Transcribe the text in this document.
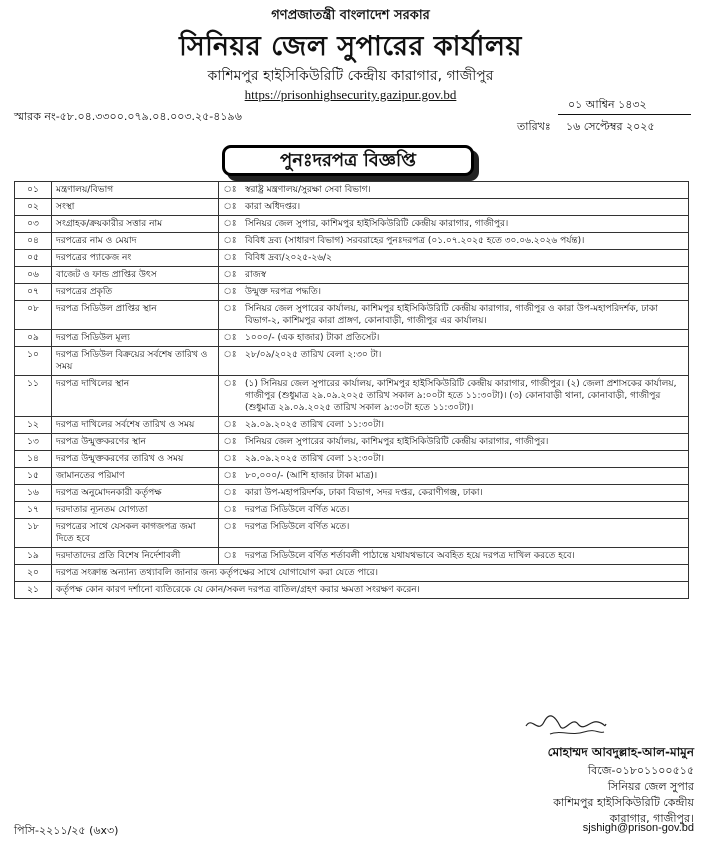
গণপ্রজাতন্ত্রী বাংলাদেশ সরকার
সিনিয়র জেল সুপারের কার্যালয়
কাশিমপুর হাইসিকিউরিটি কেন্দ্রীয় কারাগার, গাজীপুর
https://prisonhighsecurity.gazipur.gov.bd
স্মারক নং-৫৮.০৪.৩৩০০.০৭৯.০৪.০০৩.২৫-৪১৯৬
তারিখঃ
০১ আশ্বিন ১৪৩২
১৬ সেপ্টেম্বর ২০২৫
পুনঃদরপত্র বিজ্ঞপ্তি
০১	মন্ত্রণালয়/বিভাগ	ঃ	স্বরাষ্ট্র মন্ত্রণালয়/সুরক্ষা সেবা বিভাগ।
০২	সংস্থা	ঃ	কারা অধিদপ্তর।
০৩	সংগ্রাহক/ক্রয়কারীর সত্তার নাম	ঃ	সিনিয়র জেল সুপার, কাশিমপুর হাইসিকিউরিটি কেন্দ্রীয় কারাগার, গাজীপুর।
০৪	দরপত্রের নাম ও মেয়াদ	ঃ	বিবিধ দ্রব্য (সাধারণ বিভাগ) সরবরাহের পুনঃদরপত্র (০১.০৭.২০২৫ হতে ৩০.০৬.২০২৬ পর্যন্ত)।
০৫	দরপত্রের প্যাকেজ নং	ঃ	বিবিধ দ্রব্য/২০২৫-২৬/২
০৬	বাজেট ও ফান্ড প্রাপ্তির উৎস	ঃ	রাজস্ব
০৭	দরপত্রের প্রকৃতি	ঃ	উন্মুক্ত দরপত্র পদ্ধতি।
০৮	দরপত্র সিডিউল প্রাপ্তির স্থান	ঃ	সিনিয়র জেল সুপারের কার্যালয়, কাশিমপুর হাইসিকিউরিটি কেন্দ্রীয় কারাগার, গাজীপুর ও কারা উপ-মহাপরিদর্শক, ঢাকা বিভাগ-২, কাশিমপুর কারা প্রাঙ্গণ, কোনাবাড়ী, গাজীপুর এর কার্যালয়।
০৯	দরপত্র সিডিউল মূল্য	ঃ	১০০০/- (এক হাজার) টাকা প্রতিসেট।
১০	দরপত্র সিডিউল বিক্রয়ের সর্বশেষ তারিখ ও সময়	ঃ	২৮/০৯/২০২৫ তারিখ বেলা ২:৩০ টা।
১১	দরপত্র দাখিলের স্থান	ঃ	(১) সিনিয়র জেল সুপারের কার্যালয়, কাশিমপুর হাইসিকিউরিটি কেন্দ্রীয় কারাগার, গাজীপুর। (২) জেলা প্রশাসকের কার্যালয়, গাজীপুর (শুধুমাত্র ২৯.০৯.২০২৫ তারিখ সকাল ৯:০০টা হতে ১১:৩০টা)। (৩) কোনাবাড়ী থানা, কোনাবাড়ী, গাজীপুর (শুধুমাত্র ২৯.০৯.২০২৫ তারিখ সকাল ৯:৩০টা হতে ১১:৩০টা)।
১২	দরপত্র দাখিলের সর্বশেষ তারিখ ও সময়	ঃ	২৯.০৯.২০২৫ তারিখ বেলা ১১:৩০টা।
১৩	দরপত্র উন্মুক্তকরণের স্থান	ঃ	সিনিয়র জেল সুপারের কার্যালয়, কাশিমপুর হাইসিকিউরিটি কেন্দ্রীয় কারাগার, গাজীপুর।
১৪	দরপত্র উন্মুক্তকরণের তারিখ ও সময়	ঃ	২৯.০৯.২০২৫ তারিখ বেলা ১২:৩০টা।
১৫	জামানতের পরিমাণ	ঃ	৮০,০০০/- (আশি হাজার টাকা মাত্র)।
১৬	দরপত্র অনুমোদনকারী কর্তৃপক্ষ	ঃ	কারা উপ-মহাপরিদর্শক, ঢাকা বিভাগ, সদর দপ্তর, কেরাণীগঞ্জ, ঢাকা।
১৭	দরদাতার ন্যূনতম যোগ্যতা	ঃ	দরপত্র সিডিউলে বর্ণিত মতে।
১৮	দরপত্রের সাথে যেসকল কাগজপত্র জমা দিতে হবে	ঃ	দরপত্র সিডিউলে বর্ণিত মতে।
১৯	দরদাতাদের প্রতি বিশেষ নির্দেশাবলী	ঃ	দরপত্র সিডিউলে বর্ণিত শর্তাবলী পাঠান্তে যথাযথভাবে অবহিত হয়ে দরপত্র দাখিল করতে হবে।
২০	দরপত্র সংক্রান্ত অন্যান্য তথ্যাবলি জানার জন্য কর্তৃপক্ষের সাথে যোগাযোগ করা যেতে পারে।		
২১	কর্তৃপক্ষ কোন কারণ দর্শানো ব্যতিরেকে যে কোন/সকল দরপত্র বাতিল/গ্রহণ করার ক্ষমতা সংরক্ষণ করেন।		
মোহাম্মদ আবদুল্লাহ-আল-মামুন
বিজে-০১৮০১১০০৫১৫
সিনিয়র জেল সুপার
কাশিমপুর হাইসিকিউরিটি কেন্দ্রীয়
কারাগার, গাজীপুর।
পিসি-২২১১/২৫ (৬x৩)	sjshigh@prison-gov.bd
